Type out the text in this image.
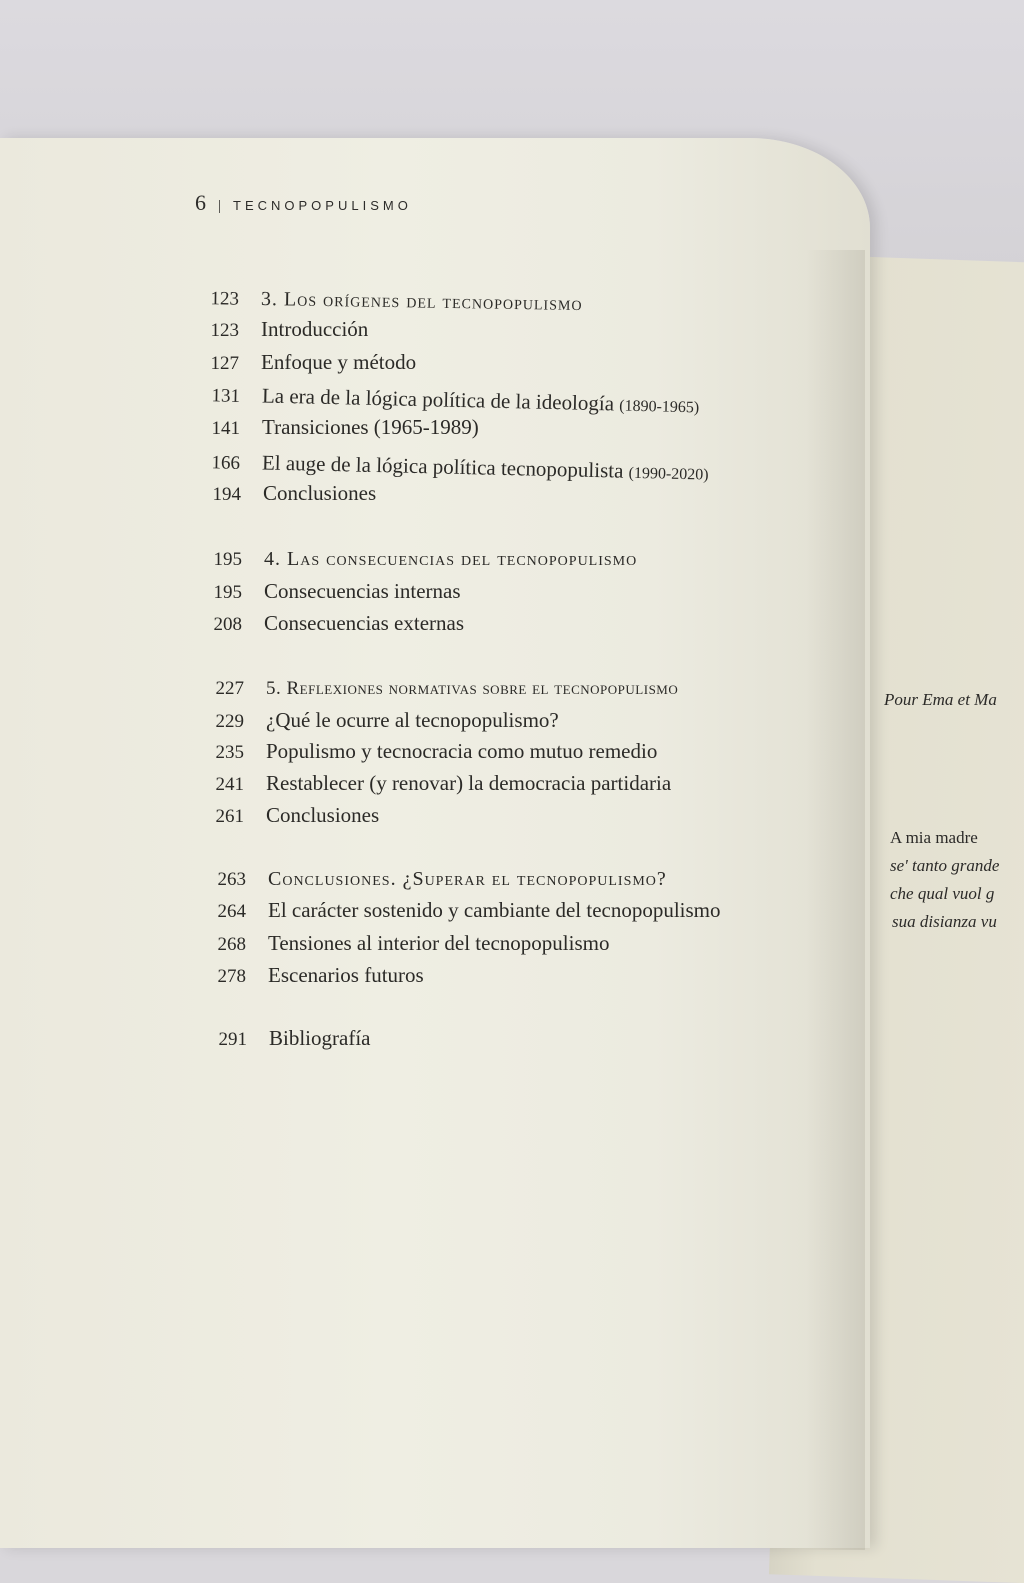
Pour Ema et Ma
A mia madre
se' tanto grande
che qual vuol g
sua disianza vu
6 | TECNOPOPULISMO
123 3. Los orígenes del tecnopopulismo
123 Introducción
127 Enfoque y método
131 La era de la lógica política de la ideología (1890-1965)
141 Transiciones (1965-1989)
166 El auge de la lógica política tecnopopulista (1990-2020)
194 Conclusiones
195 4. Las consecuencias del tecnopopulismo
195 Consecuencias internas
208 Consecuencias externas
227 5. Reflexiones normativas sobre el tecnopopulismo
229 ¿Qué le ocurre al tecnopopulismo?
235 Populismo y tecnocracia como mutuo remedio
241 Restablecer (y renovar) la democracia partidaria
261 Conclusiones
263 Conclusiones. ¿Superar el tecnopopulismo?
264 El carácter sostenido y cambiante del tecnopopulismo
268 Tensiones al interior del tecnopopulismo
278 Escenarios futuros
291 Bibliografía
